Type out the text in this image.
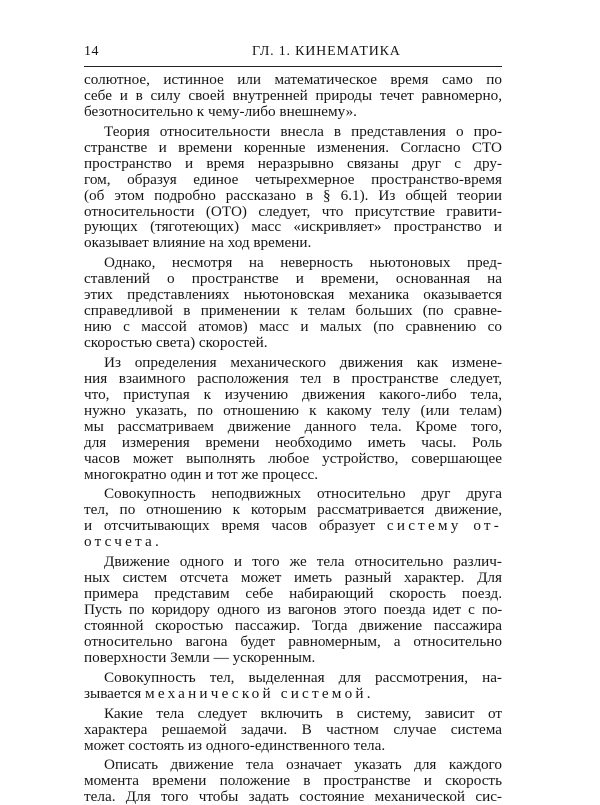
14	ГЛ. 1. КИНЕМАТИКА
солютное, истинное или математическое время само по
себе и в силу своей внутренней природы течет равномерно,
безотносительно к чему-либо внешнему».
Теория относительности внесла в представления о про-
странстве и времени коренные изменения. Согласно СТО
пространство и время неразрывно связаны друг с дру-
гом, образуя единое четырехмерное пространство-время
(об этом подробно рассказано в § 6.1). Из общей теории
относительности (ОТО) следует, что присутствие гравити-
рующих (тяготеющих) масс «искривляет» пространство и
оказывает влияние на ход времени.
Однако, несмотря на неверность ньютоновых пред-
ставлений о пространстве и времени, основанная на
этих представлениях ньютоновская механика оказывается
справедливой в применении к телам больших (по сравне-
нию с массой атомов) масс и малых (по сравнению со
скоростью света) скоростей.
Из определения механического движения как измене-
ния взаимного расположения тел в пространстве следует,
что, приступая к изучению движения какого-либо тела,
нужно указать, по отношению к какому телу (или телам)
мы рассматриваем движение данного тела. Кроме того,
для измерения времени необходимо иметь часы. Роль
часов может выполнять любое устройство, совершающее
многократно один и тот же процесс.
Совокупность неподвижных относительно друг друга
тел, по отношению к которым рассматривается движение,
и отсчитывающих время часов образует систему от-
отсчета.
Движение одного и того же тела относительно различ-
ных систем отсчета может иметь разный характер. Для
примера представим себе набирающий скорость поезд.
Пусть по коридору одного из вагонов этого поезда идет с по-
стоянной скоростью пассажир. Тогда движение пассажира
относительно вагона будет равномерным, а относительно
поверхности Земли — ускоренным.
Совокупность тел, выделенная для рассмотрения, на-
зывается механической системой.
Какие тела следует включить в систему, зависит от
характера решаемой задачи. В частном случае система
может состоять из одного-единственного тела.
Описать движение тела означает указать для каждого
момента времени положение в пространстве и скорость
тела. Для того чтобы задать состояние механической сис-
